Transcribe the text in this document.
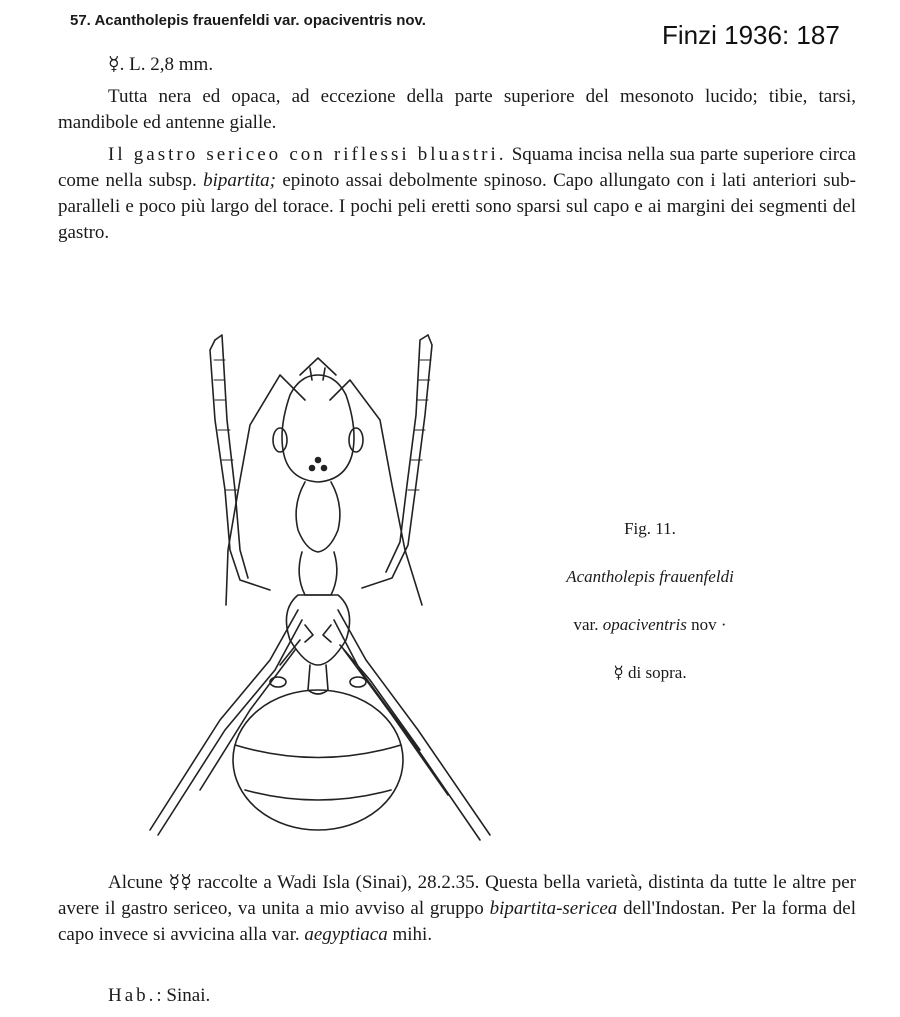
57. Acantholepis frauenfeldi var. opaciventris nov.	Finzi 1936: 187
☿. L. 2,8 mm.
Tutta nera ed opaca, ad eccezione della parte superiore del mesonoto lucido; tibie, tarsi, mandibole ed antenne gialle.
Il gastro sericeo con riflessi bluastri. Squama incisa nella sua parte superiore circa come nella subsp. bipartita; epinoto assai debolmente spinoso. Capo allungato con i lati anteriori sub-paralleli e poco più largo del torace. I pochi peli eretti sono sparsi sul capo e ai margini dei segmenti del gastro.
Fig. 11.
Acantholepis frauenfeldi
var. opaciventris nov ·
☿ di sopra.
Alcune ☿☿ raccolte a Wadi Isla (Sinai), 28.2.35. Questa bella varietà, distinta da tutte le altre per avere il gastro sericeo, va unita a mio avviso al gruppo bipartita-sericea dell'Indostan. Per la forma del capo invece si avvicina alla var. aegyptiaca mihi.
Hab.: Sinai.
